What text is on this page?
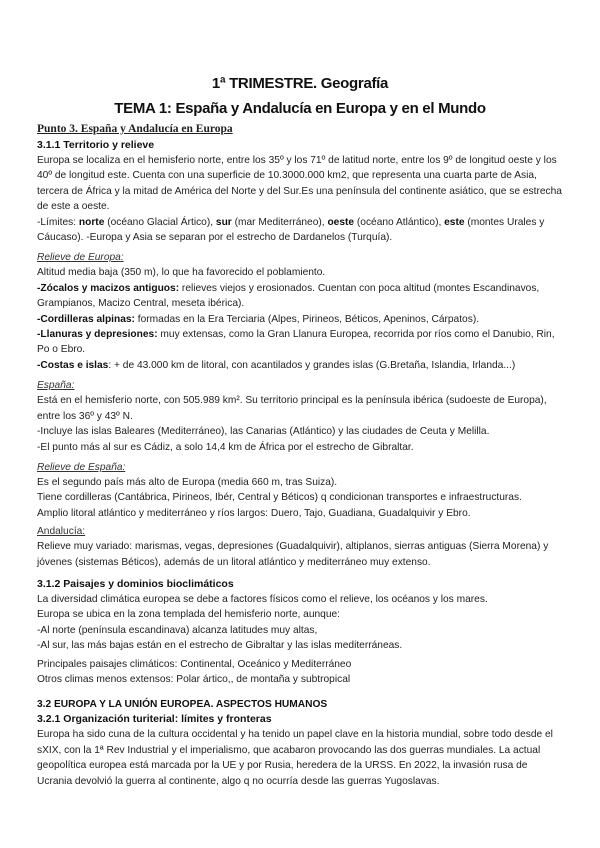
1ª TRIMESTRE. Geografía
TEMA 1: España y Andalucía en Europa y en el Mundo
Punto 3. España y Andalucía en Europa
3.1.1 Territorio y relieve

Europa se localiza en el hemisferio norte, entre los 35º y los 71º de latitud norte, entre los 9º de longitud oeste y los 40º de longitud este. Cuenta con una superficie de 10.3000.000 km2, que representa una cuarta parte de Asia, tercera de África y la mitad de América del Norte y del Sur.Es una península del continente asiático, que se estrecha de este a oeste.

-Límites: norte (océano Glacial Ártico), sur (mar Mediterráneo), oeste (océano Atlántico), este (montes Urales y Cáucaso). -Europa y Asia se separan por el estrecho de Dardanelos (Turquía).

Relieve de Europa:

Altitud media baja (350 m), lo que ha favorecido el poblamiento.

-Zócalos y macizos antiguos: relieves viejos y erosionados. Cuentan con poca altitud (montes Escandinavos, Grampianos, Macizo Central, meseta ibérica).

-Cordilleras alpinas: formadas en la Era Terciaria (Alpes, Pirineos, Béticos, Apeninos, Cárpatos).

-Llanuras y depresiones: muy extensas, como la Gran Llanura Europea, recorrida por ríos como el Danubio, Rin, Po o Ebro.

-Costas e islas: + de 43.000 km de litoral, con acantilados y grandes islas (G.Bretaña, Islandia, Irlanda...)

España:

Está en el hemisferio norte, con 505.989 km². Su territorio principal es la península ibérica (sudoeste de Europa), entre los 36º y 43º N.

-Incluye las islas Baleares (Mediterráneo), las Canarias (Atlántico) y las ciudades de Ceuta y Melilla.

-El punto más al sur es Cádiz, a solo 14,4 km de África por el estrecho de Gibraltar.

Relieve de España:

Es el segundo país más alto de Europa (media 660 m, tras Suiza).

Tiene cordilleras (Cantábrica, Pirineos, Ibér, Central y Béticos) q condicionan transportes e infraestructuras.

Amplio litoral atlántico y mediterráneo y ríos largos: Duero, Tajo, Guadiana, Guadalquivir y Ebro.

Andalucía:

Relieve muy variado: marismas, vegas, depresiones (Guadalquivir), altiplanos, sierras antiguas (Sierra Morena) y jóvenes (sistemas Béticos), además de un litoral atlántico y mediterráneo muy extenso.

3.1.2 Paisajes y dominios bioclimáticos

La diversidad climática europea se debe a factores físicos como el relieve, los océanos y los mares.

Europa se ubica en la zona templada del hemisferio norte, aunque:

-Al norte (península escandinava) alcanza latitudes muy altas,

-Al sur, las más bajas están en el estrecho de Gibraltar y las islas mediterráneas.

Principales paisajes climáticos: Continental, Oceánico y Mediterráneo

Otros climas menos extensos: Polar ártico,, de montaña y subtropical

3.2 EUROPA Y LA UNIÓN EUROPEA. ASPECTOS HUMANOS
3.2.1 Organización turiterial: límites y fronteras

Europa ha sido cuna de la cultura occidental y ha tenido un papel clave en la historia mundial, sobre todo desde el sXIX, con la 1ª Rev Industrial y el imperialismo, que acabaron provocando las dos guerras mundiales. La actual geopolítica europea está marcada por la UE y por Rusia, heredera de la URSS. En 2022, la invasión rusa de Ucrania devolvió la guerra al continente, algo q no ocurría desde las guerras Yugoslavas.
